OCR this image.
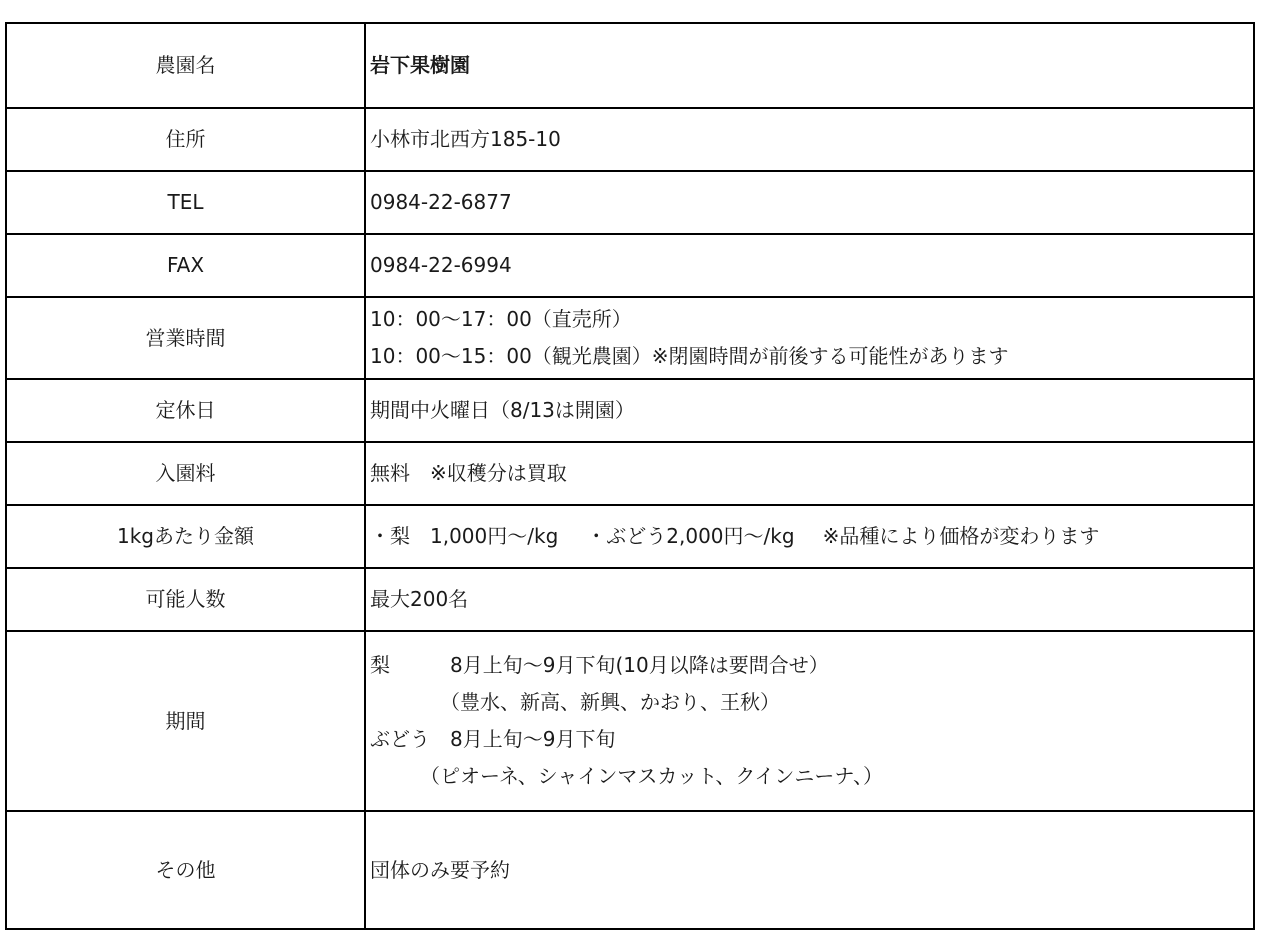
農園名	岩下果樹園
住所	小林市北西方185-10
TEL	0984-22-6877
FAX	0984-22-6994
営業時間	10：00〜17：00（直売所）
10：00〜15：00（観光農園）※閉園時間が前後する可能性があります

定休日	期間中火曜日（8/13は開園）
入園料	無料　※収穫分は買取
1kgあたり金額	・梨　1,000円〜/kg ・ぶどう2,000円〜/kg ※品種により価格が変わります
可能人数	最大200名
期間	梨　　　8月上旬〜9月下旬(10月以降は要問合せ）
　　　　（豊水、新高、新興、かおり、王秋）
ぶどう　8月上旬〜9月下旬
　　　（ピオーネ、シャインマスカット、クインニーナ、）

その他	団体のみ要予約
